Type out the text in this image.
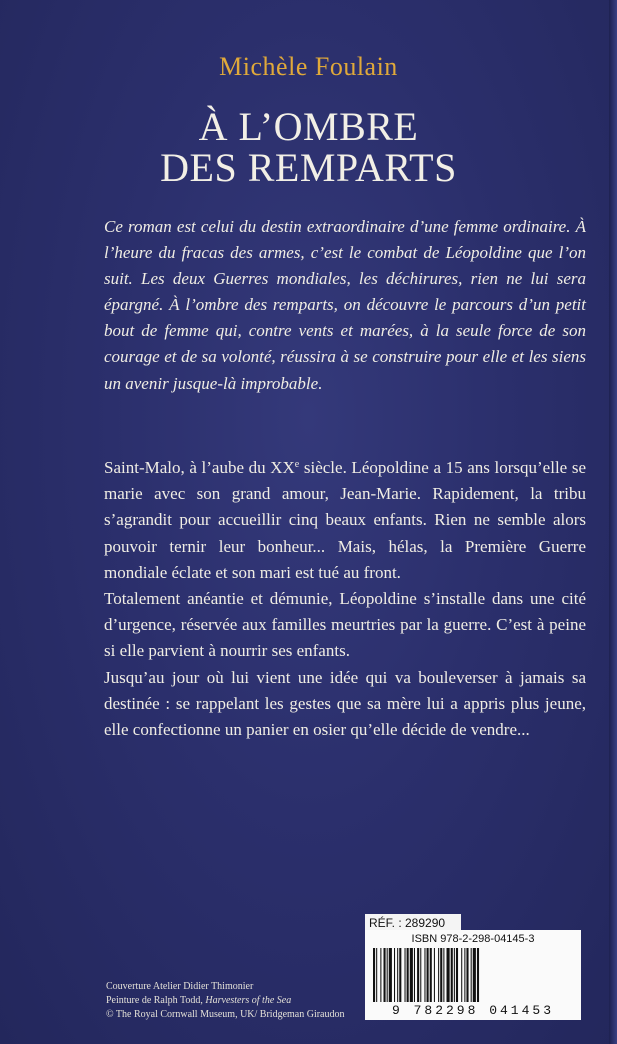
Michèle Foulain
À L’OMBRE
DES REMPARTS
Ce roman est celui du destin extraordinaire d’une femme ordinaire. À l’heure du fracas des armes, c’est le combat de Léopoldine que l’on suit. Les deux Guerres mondiales, les déchirures, rien ne lui sera épargné. À l’ombre des remparts, on découvre le parcours d’un petit bout de femme qui, contre vents et marées, à la seule force de son courage et de sa volonté, réussira à se construire pour elle et les siens un avenir jusque-là improbable.

Saint-Malo, à l’aube du XXe siècle. Léopoldine a 15 ans lorsqu’elle se marie avec son grand amour, Jean-Marie. Rapidement, la tribu s’agrandit pour accueillir cinq beaux enfants. Rien ne semble alors pouvoir ternir leur bonheur... Mais, hélas, la Première Guerre mondiale éclate et son mari est tué au front.

Totalement anéantie et démunie, Léopoldine s’installe dans une cité d’urgence, réservée aux familles meurtries par la guerre. C’est à peine si elle parvient à nourrir ses enfants.

Jusqu’au jour où lui vient une idée qui va bouleverser à jamais sa destinée : se rappelant les gestes que sa mère lui a appris plus jeune, elle confectionne un panier en osier qu’elle décide de vendre...

Couverture Atelier Didier Thimonier
Peinture de Ralph Todd, Harvesters of the Sea
© The Royal Cornwall Museum, UK/ Bridgeman Giraudon
RÉF. : 289290
ISBN 978-2-298-04145-3
9 782298 041453
